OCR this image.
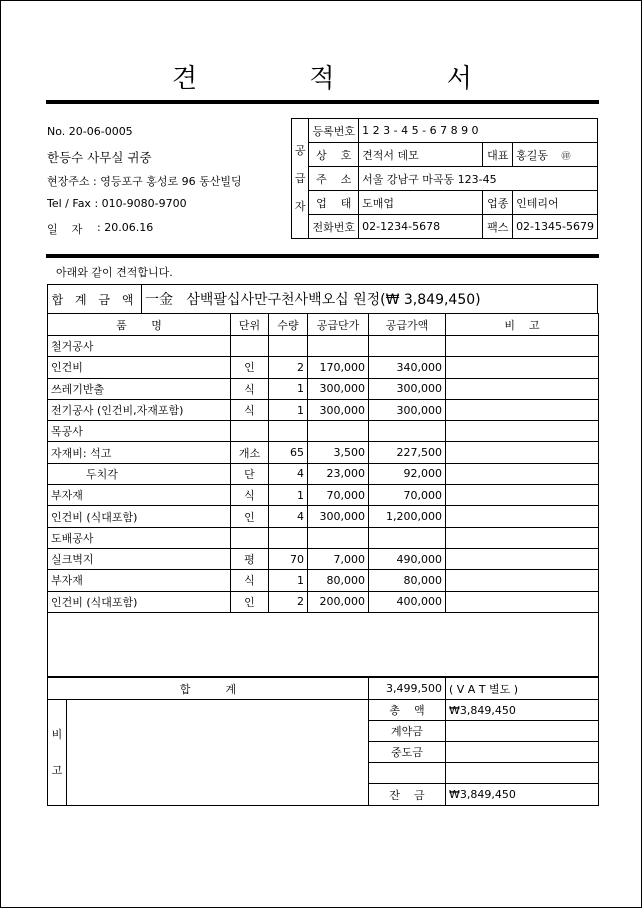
견 적 서
No. 20-06-0005
한등수 사무실 귀중
현장주소 : 영등포구 홍성로 96 동산빌딩
Tel / Fax : 010-9080-9700
일    자 : 20.06.16
공
급
자	등록번호	1 2 3 - 4 5 - 6 7 8 9 0		
	상    호	견적서 데모	대표	홍길동 ㊞
	주    소	서울 강남구 마곡동 123-45		
	업    태	도매업	업종	인테리어
	전화번호	02-1234-5678	팩스	02-1345-5679
아래와 같이 견적합니다.
합 계 금 액	一金   삼백팔십사만구천사백오십 원정(₩ 3,849,450)
품       명	단위	수량	공급단가	공급가액	비    고
철거공사					
인건비	인	2	170,000	340,000	
쓰레기반출	식	1	300,000	300,000	
전기공사 (인건비,자재포함)	식	1	300,000	300,000	
목공사					
자재비: 석고	개소	65	3,500	227,500	
두치각	단	4	23,000	92,000	
부자재	식	1	70,000	70,000	
인건비 (식대포함)	인	4	300,000	1,200,000	
도배공사					
실크벽지	평	70	7,000	490,000	
부자재	식	1	80,000	80,000	
인건비 (식대포함)	인	2	200,000	400,000	

합          계		3,499,500	( V A T 별도 )

비
고		총    액	₩3,849,450
		계약금	
		중도금	

		잔    금	₩3,849,450
